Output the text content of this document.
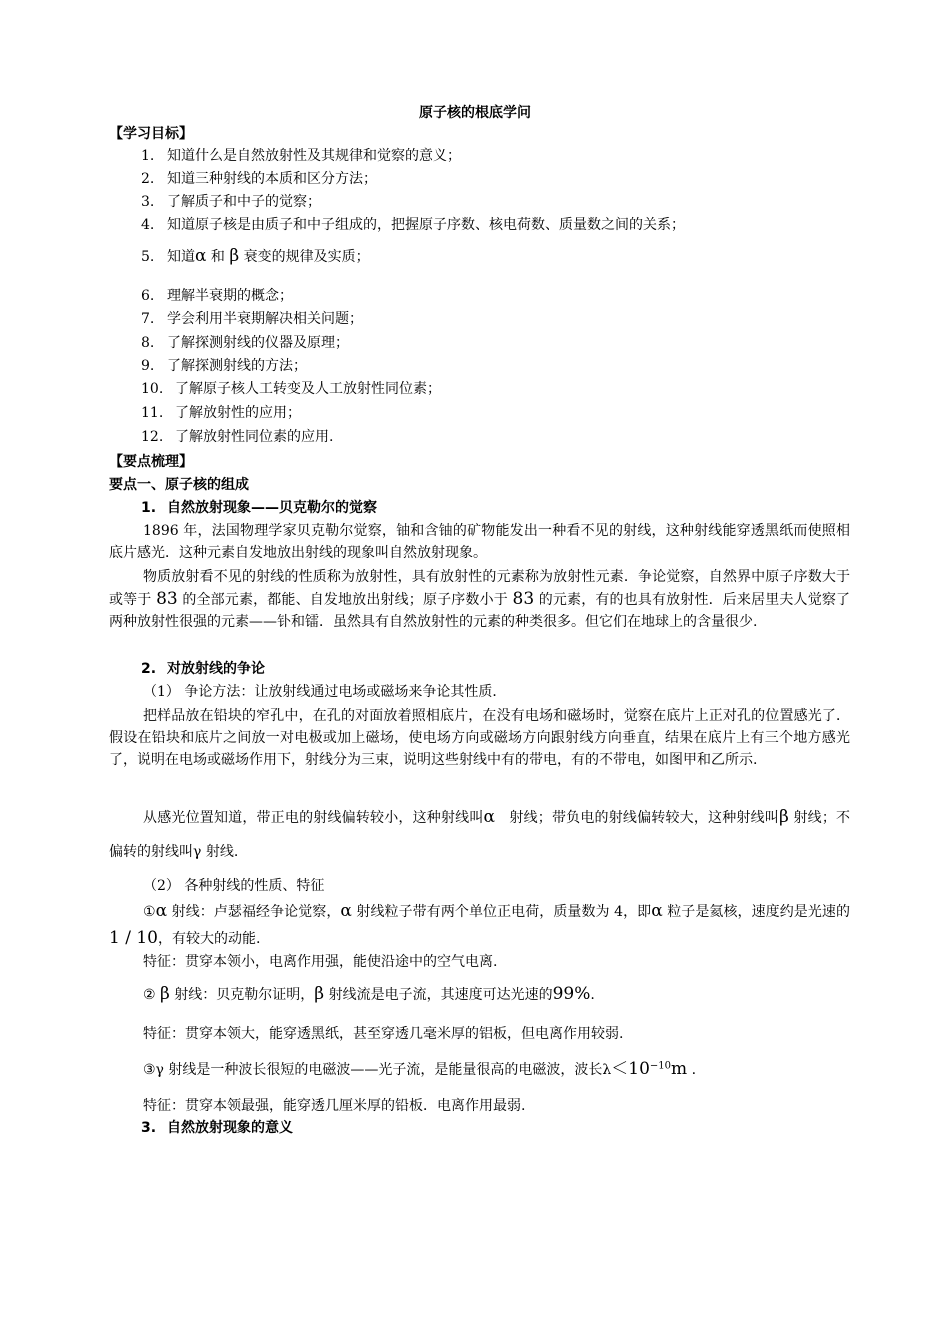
原子核的根底学问
【学习目标】
1. 知道什么是自然放射性及其规律和觉察的意义；
2. 知道三种射线的本质和区分方法；
3. 了解质子和中子的觉察；
4. 知道原子核是由质子和中子组成的，把握原子序数、核电荷数、质量数之间的关系；
5. 知道α 和 β 衰变的规律及实质；
6. 理解半衰期的概念；
7. 学会利用半衰期解决相关问题；
8. 了解探测射线的仪器及原理；
9. 了解探测射线的方法；
10. 了解原子核人工转变及人工放射性同位素；
11. 了解放射性的应用；
12. 了解放射性同位素的应用.
【要点梳理】
要点一、原子核的组成
1. 自然放射现象——贝克勒尔的觉察
1896 年，法国物理学家贝克勒尔觉察，铀和含铀的矿物能发出一种看不见的射线，这种射线能穿透黑纸而使照相底片感光．这种元素自发地放出射线的现象叫自然放射现象。
物质放射看不见的射线的性质称为放射性，具有放射性的元素称为放射性元素．争论觉察，自然界中原子序数大于或等于 83 的全部元素，都能、自发地放出射线；原子序数小于 83 的元素，有的也具有放射性．后来居里夫人觉察了两种放射性很强的元素——钋和镭．虽然具有自然放射性的元素的种类很多。但它们在地球上的含量很少.
2. 对放射线的争论
（1） 争论方法：让放射线通过电场或磁场来争论其性质．
把样品放在铅块的窄孔中，在孔的对面放着照相底片，在没有电场和磁场时，觉察在底片上正对孔的位置感光了．假设在铅块和底片之间放一对电极或加上磁场，使电场方向或磁场方向跟射线方向垂直，结果在底片上有三个地方感光了，说明在电场或磁场作用下，射线分为三束，说明这些射线中有的带电，有的不带电，如图甲和乙所示.
从感光位置知道，带正电的射线偏转较小，这种射线叫α　射线；带负电的射线偏转较大，这种射线叫β 射线；不偏转的射线叫γ 射线.
（2） 各种射线的性质、特征
①α 射线：卢瑟福经争论觉察，α 射线粒子带有两个单位正电荷，质量数为 4，即α 粒子是氦核，速度约是光速的1 / 10，有较大的动能.
特征：贯穿本领小，电离作用强，能使沿途中的空气电离.
② β 射线：贝克勒尔证明，β 射线流是电子流，其速度可达光速的99%.
特征：贯穿本领大，能穿透黑纸，甚至穿透几毫米厚的铝板，但电离作用较弱.
③γ 射线是一种波长很短的电磁波——光子流，是能量很高的电磁波，波长$\lambda<10^{-10}m$ .
特征：贯穿本领最强，能穿透几厘米厚的铅板．电离作用最弱.
3. 自然放射现象的意义
